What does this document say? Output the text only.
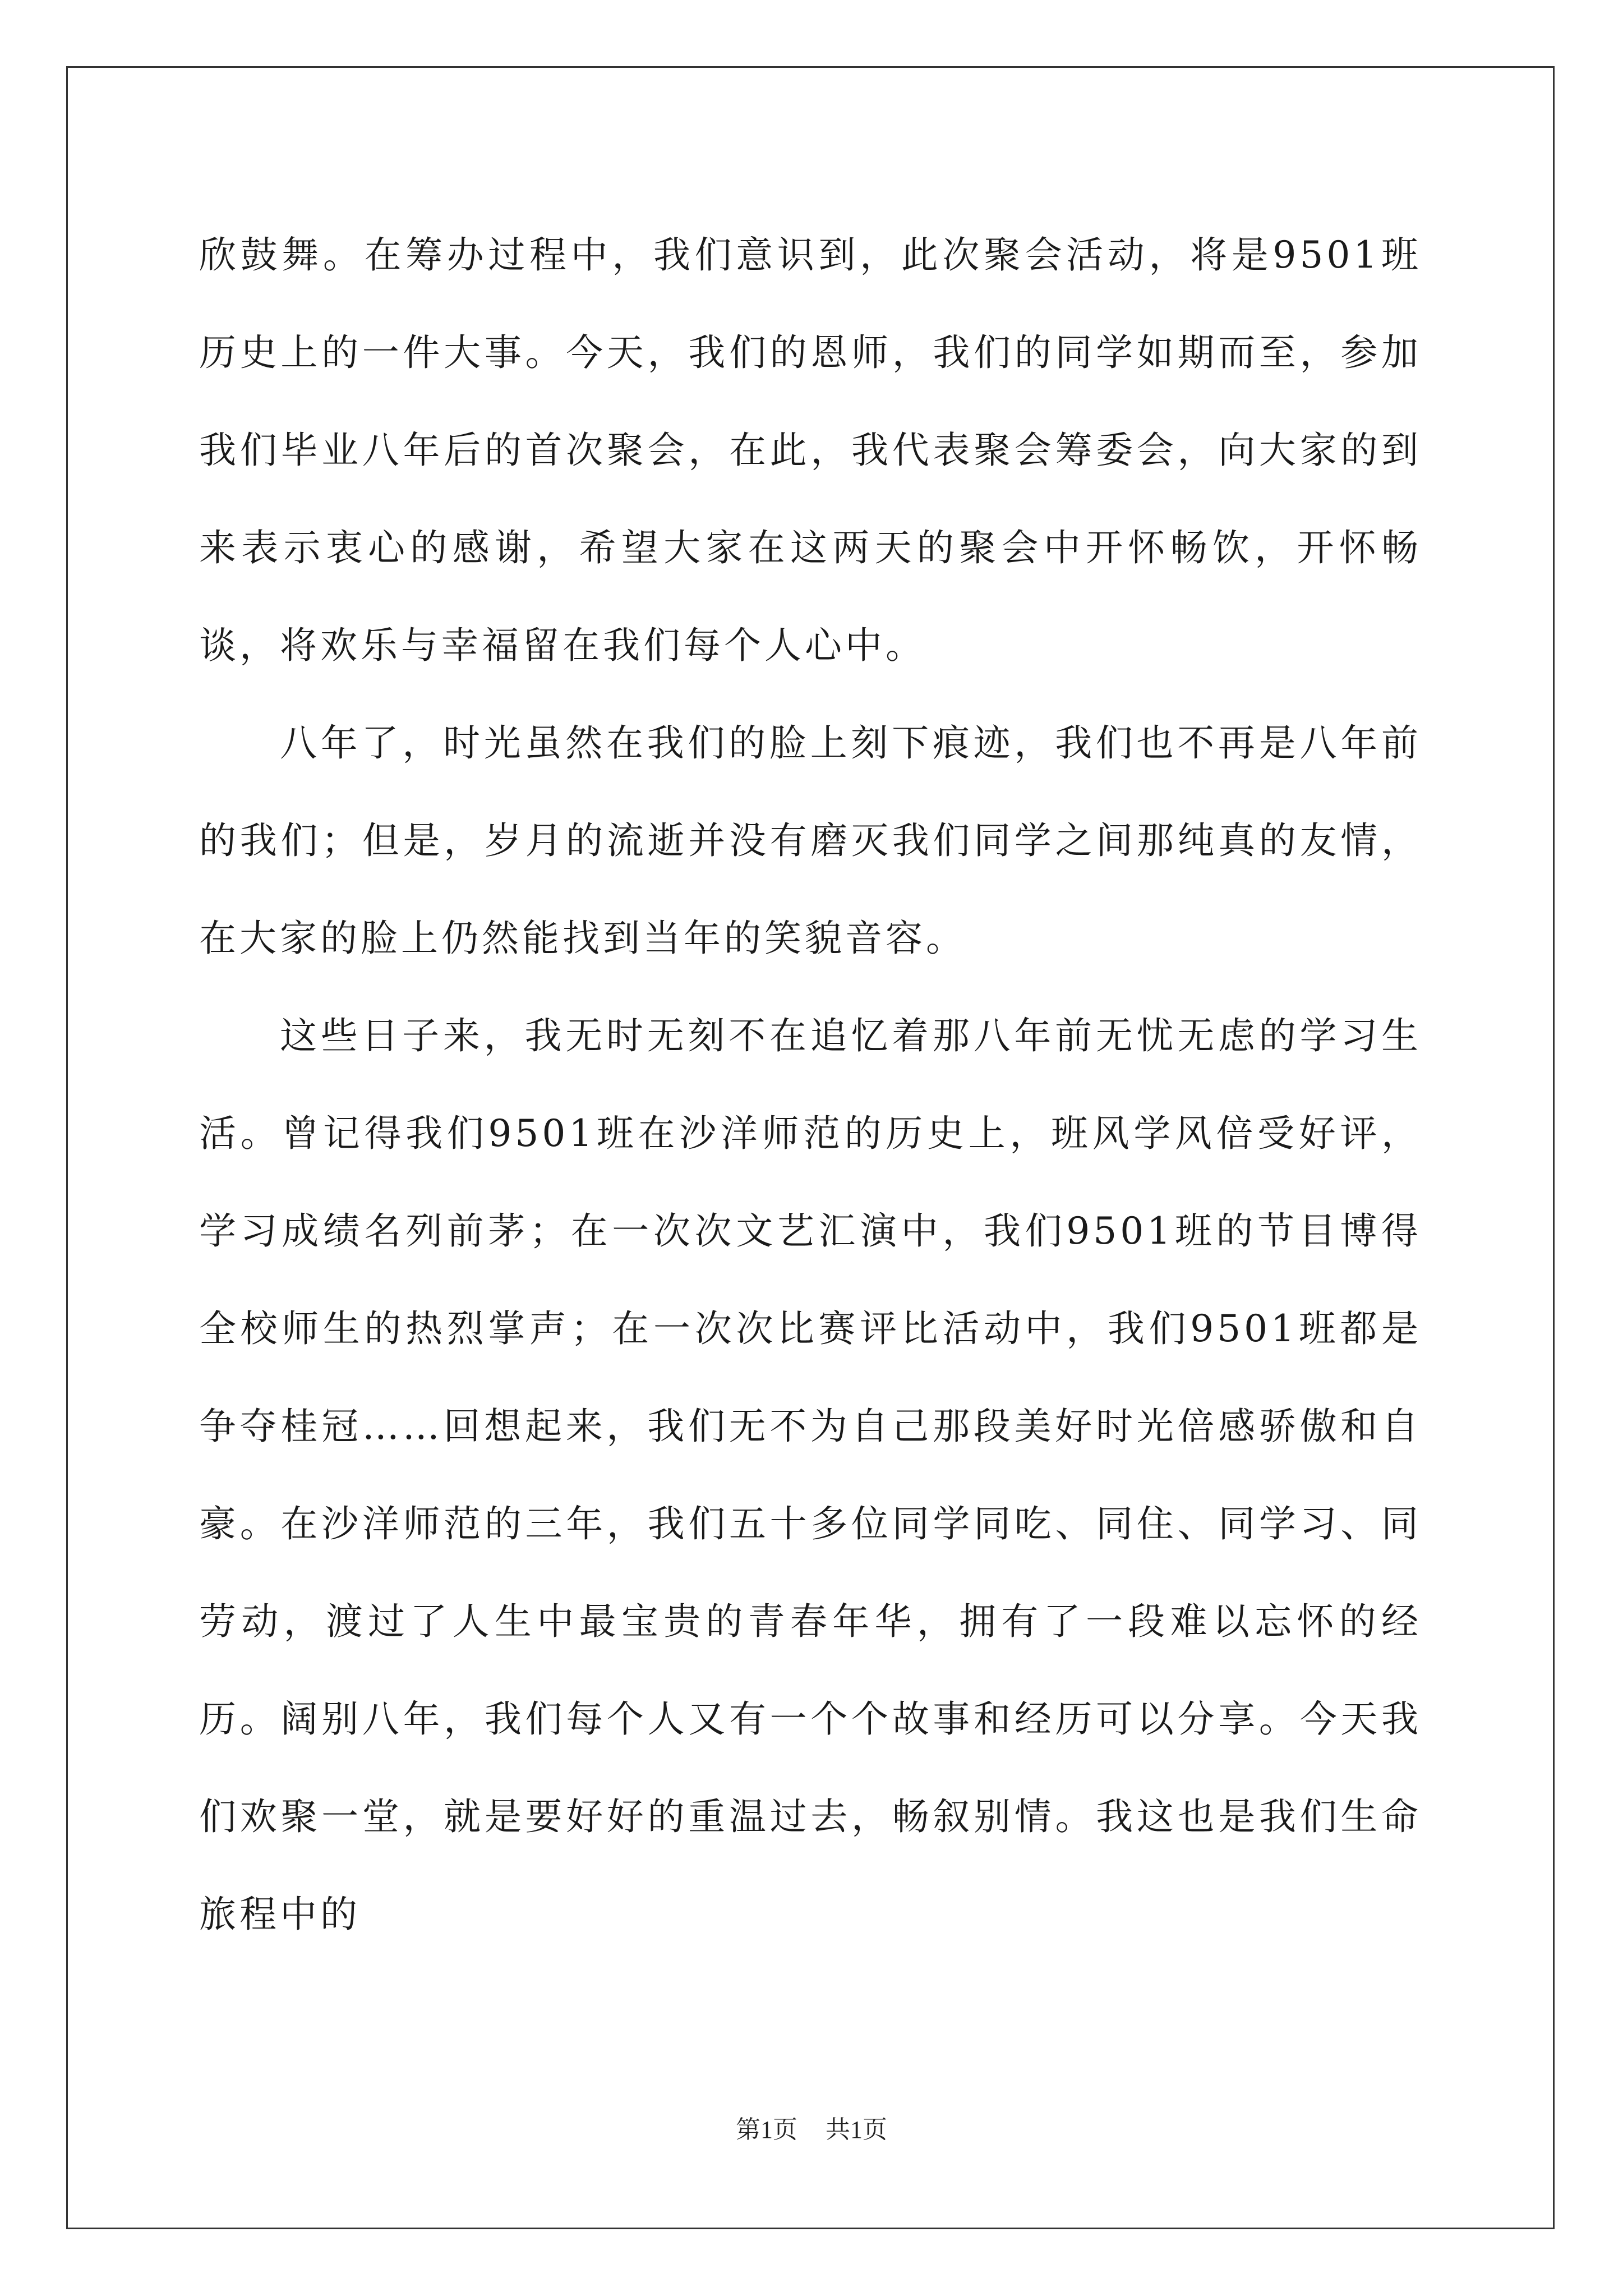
欣鼓舞。在筹办过程中，我们意识到，此次聚会活动，将是9501班历史上的一件大事。今天，我们的恩师，我们的同学如期而至，参加我们毕业八年后的首次聚会，在此，我代表聚会筹委会，向大家的到来表示衷心的感谢，希望大家在这两天的聚会中开怀畅饮，开怀畅谈，将欢乐与幸福留在我们每个人心中。

八年了，时光虽然在我们的脸上刻下痕迹，我们也不再是八年前的我们；但是，岁月的流逝并没有磨灭我们同学之间那纯真的友情，在大家的脸上仍然能找到当年的笑貌音容。

这些日子来，我无时无刻不在追忆着那八年前无忧无虑的学习生活。曾记得我们9501班在沙洋师范的历史上，班风学风倍受好评，学习成绩名列前茅；在一次次文艺汇演中，我们9501班的节目博得全校师生的热烈掌声；在一次次比赛评比活动中，我们9501班都是争夺桂冠……回想起来，我们无不为自己那段美好时光倍感骄傲和自豪。在沙洋师范的三年，我们五十多位同学同吃、同住、同学习、同劳动，渡过了人生中最宝贵的青春年华，拥有了一段难以忘怀的经历。阔别八年，我们每个人又有一个个故事和经历可以分享。今天我们欢聚一堂，就是要好好的重温过去，畅叙别情。我这也是我们生命旅程中的

第1页 共1页
